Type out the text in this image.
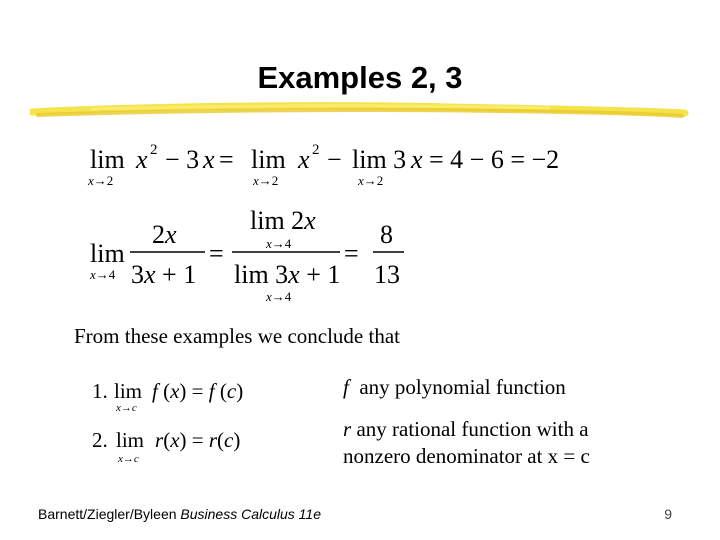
Examples 2, 3
lim
x→2
x 2 − 3 x = lim
x→2
x 2 − lim 3 x
x→2
= 4 − 6 = −2
lim
x→4
2x
3x + 1
=
lim 2x
x→4
lim 3x + 1
x→4
=
8
13
From these examples we conclude that
1. lim
x→c
f (x) = f (c)	f any polynomial function
2. lim
x→c
r(x) = r(c)	r any rational function with a
nonzero denominator at x = c
Barnett/Ziegler/Byleen Business Calculus 11e	9
